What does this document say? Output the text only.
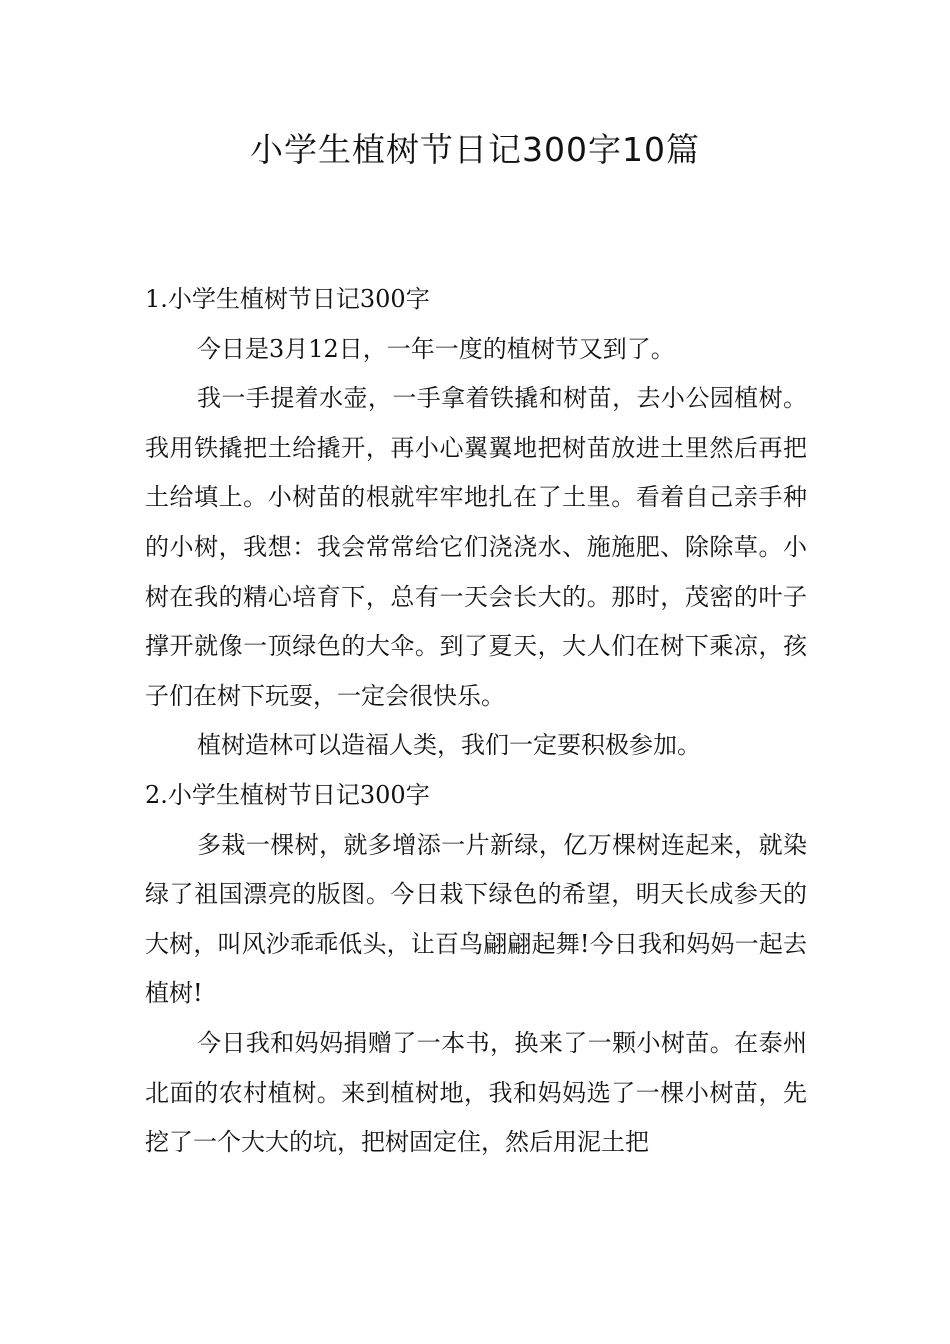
小学生植树节日记300字10篇

1.小学生植树节日记300字

今日是3月12日，一年一度的植树节又到了。

我一手提着水壶，一手拿着铁撬和树苗，去小公园植树。我用铁撬把土给撬开，再小心翼翼地把树苗放进土里然后再把土给填上。小树苗的根就牢牢地扎在了土里。看着自己亲手种的小树，我想：我会常常给它们浇浇水、施施肥、除除草。小树在我的精心培育下，总有一天会长大的。那时，茂密的叶子撑开就像一顶绿色的大伞。到了夏天，大人们在树下乘凉，孩子们在树下玩耍，一定会很快乐。

植树造林可以造福人类，我们一定要积极参加。

2.小学生植树节日记300字

多栽一棵树，就多增添一片新绿，亿万棵树连起来，就染绿了祖国漂亮的版图。今日栽下绿色的希望，明天长成参天的大树，叫风沙乖乖低头，让百鸟翩翩起舞!今日我和妈妈一起去植树!

今日我和妈妈捐赠了一本书，换来了一颗小树苗。在泰州北面的农村植树。来到植树地，我和妈妈选了一棵小树苗，先挖了一个大大的坑，把树固定住，然后用泥土把
